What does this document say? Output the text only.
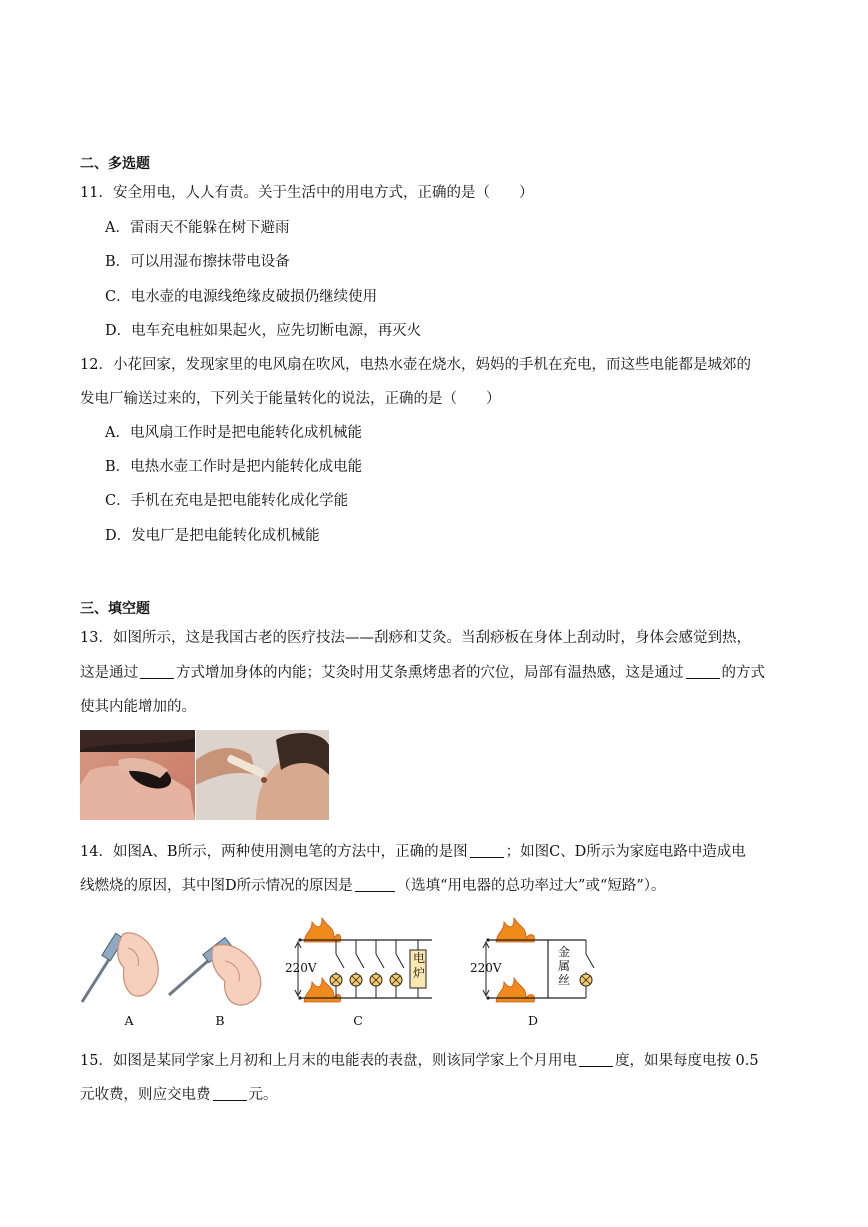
二、多选题
11．安全用电，人人有责。关于生活中的用电方式，正确的是（　　）
A．雷雨天不能躲在树下避雨
B．可以用湿布擦抹带电设备
C．电水壶的电源线绝缘皮破损仍继续使用
D．电车充电桩如果起火，应先切断电源，再灭火
12．小花回家，发现家里的电风扇在吹风，电热水壶在烧水，妈妈的手机在充电，而这些电能都是城郊的
发电厂输送过来的，下列关于能量转化的说法，正确的是（　　）
A．电风扇工作时是把电能转化成机械能
B．电热水壶工作时是把内能转化成电能
C．手机在充电是把电能转化成化学能
D．发电厂是把电能转化成机械能
三、填空题
13．如图所示，这是我国古老的医疗技法——刮痧和艾灸。当刮痧板在身体上刮动时，身体会感觉到热，
这是通过	方式增加身体的内能；艾灸时用艾条熏烤患者的穴位，局部有温热感，这是通过	的方式
使其内能增加的。
14．如图A、B所示，两种使用测电笔的方法中，正确的是图	；如图C、D所示为家庭电路中造成电
线燃烧的原因，其中图D所示情况的原因是	（选填“用电器的总功率过大”或“短路”）。
A	B
220V
电
炉
C
220V
金
属
丝
D
15．如图是某同学家上月初和上月末的电能表的表盘，则该同学家上个月用电	度，如果每度电按 0.5
元收费，则应交电费	元。
